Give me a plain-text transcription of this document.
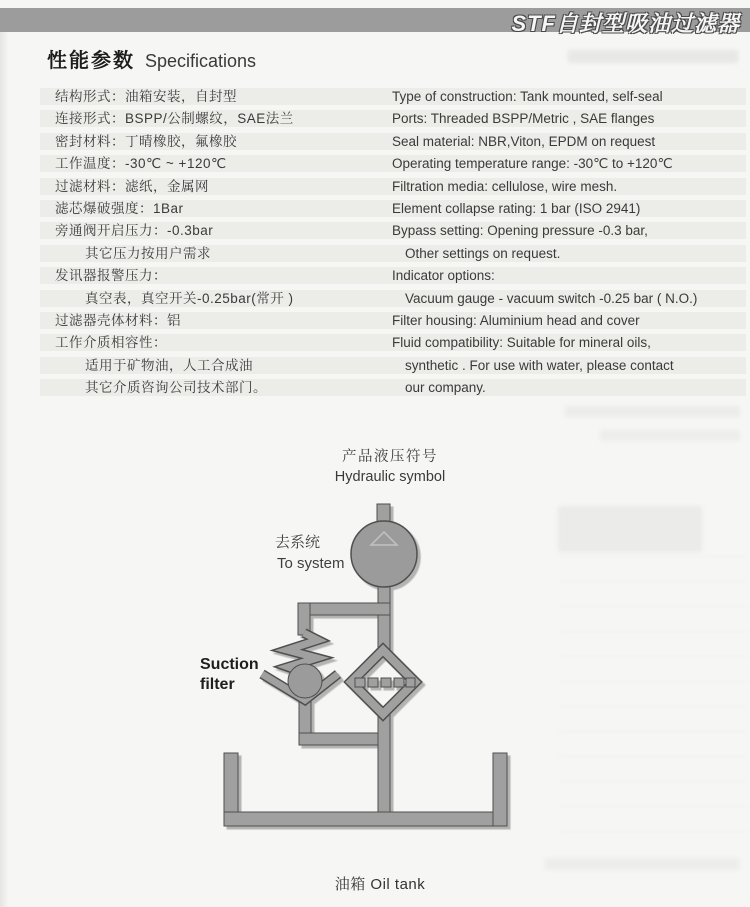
STF自封型吸油过滤器
性能参数 Specifications
结构形式：油箱安装，自封型	Type of construction: Tank mounted, self-seal
连接形式：BSPP/公制螺纹，SAE法兰	Ports: Threaded BSPP/Metric , SAE flanges
密封材料：丁晴橡胶，氟橡胶	Seal material: NBR,Viton, EPDM on request
工作温度：-30℃ ~ +120℃	Operating temperature range: -30℃ to +120℃
过滤材料：滤纸，金属网	Filtration media: cellulose, wire mesh.
滤芯爆破强度：1Bar	Element collapse rating: 1 bar (ISO 2941)
旁通阀开启压力：-0.3bar	Bypass setting: Opening pressure -0.3 bar,
其它压力按用户需求	Other settings on request.
发讯器报警压力：	Indicator options:
真空表，真空开关-0.25bar(常开 )	Vacuum gauge - vacuum switch -0.25 bar ( N.O.)
过滤器壳体材料：铝	Filter housing: Aluminium head and cover
工作介质相容性：	Fluid compatibility: Suitable for mineral oils,
适用于矿物油，人工合成油	synthetic . For use with water, please contact
其它介质咨询公司技术部门。	our company.
产品液压符号
Hydraulic symbol
去系统
To system
Suction
filter
油箱 Oil tank
